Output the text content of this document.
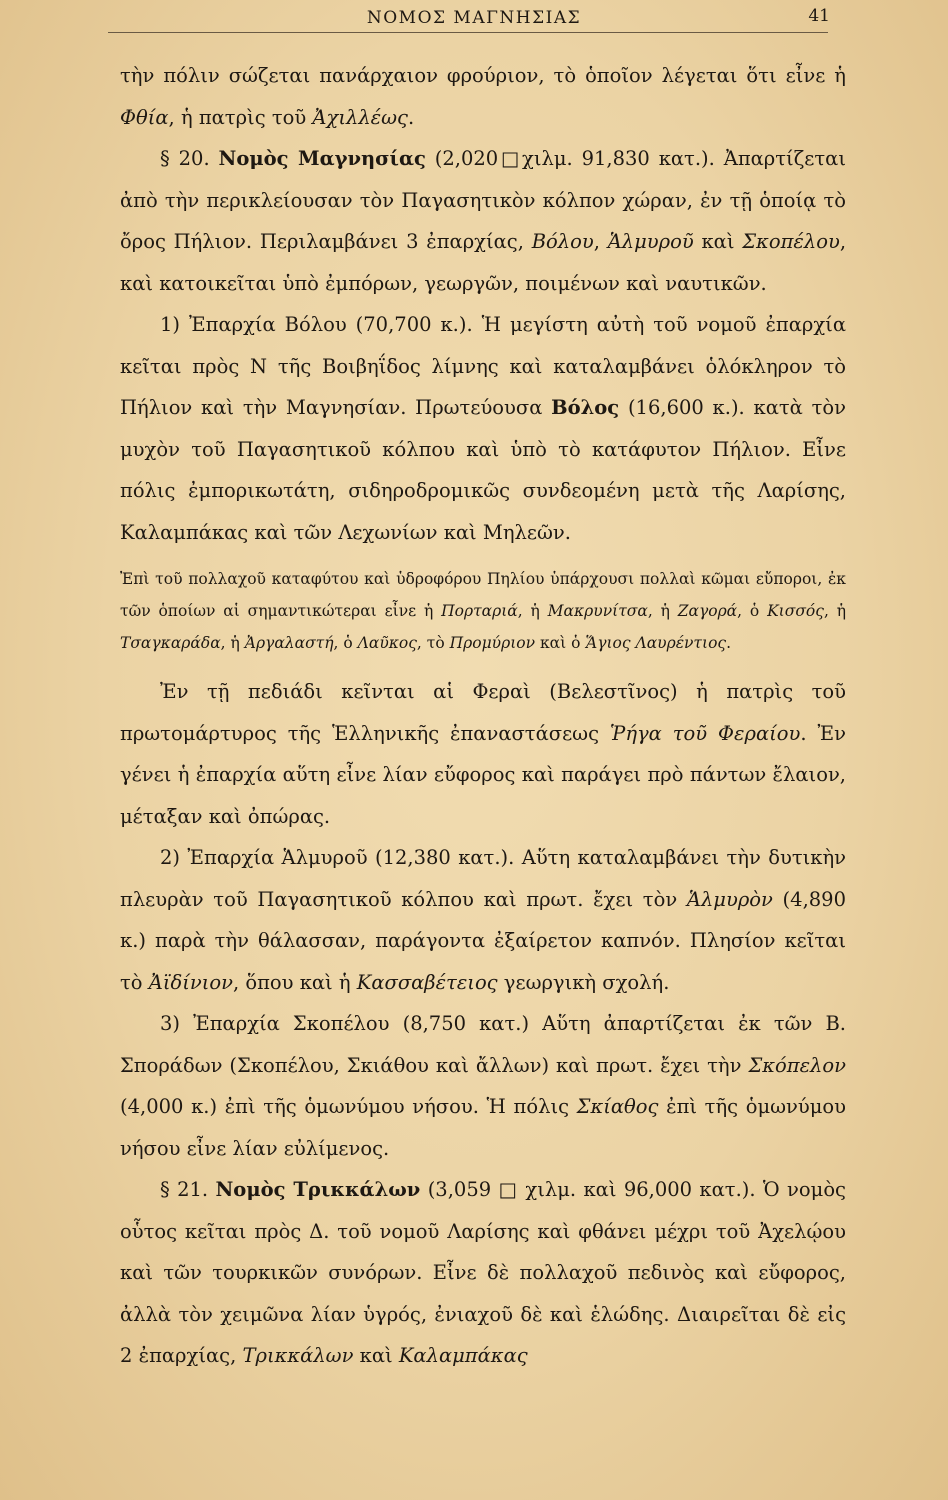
ΝΟΜΟΣ ΜΑΓΝΗΣΙΑΣ	41

τὴν πόλιν σώζεται πανάρχαιον φρούριον, τὸ ὁποῖον λέγεται ὅτι εἶνε ἡ Φθία, ἡ πατρὶς τοῦ Ἀχιλλέως.

§ 20. Νομὸς Μαγνησίας (2,020□χιλμ. 91,830 κατ.). Ἀπαρτίζεται ἀπὸ τὴν περικλείουσαν τὸν Παγασητικὸν κόλπον χώραν, ἐν τῇ ὁποίᾳ τὸ ὄρος Πήλιον. Περιλαμβάνει 3 ἐπαρχίας, Βόλου, Ἁλμυροῦ καὶ Σκοπέλου, καὶ κατοικεῖται ὑπὸ ἐμπόρων, γεωργῶν, ποιμένων καὶ ναυτικῶν.

1) Ἐπαρχία Βόλου (70,700 κ.). Ἡ μεγίστη αὐτὴ τοῦ νομοῦ ἐπαρχία κεῖται πρὸς Ν τῆς Βοιβηΐδος λίμνης καὶ καταλαμβάνει ὁλόκληρον τὸ Πήλιον καὶ τὴν Μαγνησίαν. Πρωτεύουσα Βόλος (16,600 κ.). κατὰ τὸν μυχὸν τοῦ Παγασητικοῦ κόλπου καὶ ὑπὸ τὸ κατάφυτον Πήλιον. Εἶνε πόλις ἐμπορικωτάτη, σιδηροδρομικῶς συνδεομένη μετὰ τῆς Λαρίσης, Καλαμπάκας καὶ τῶν Λεχωνίων καὶ Μηλεῶν.

Ἐπὶ τοῦ πολλαχοῦ καταφύτου καὶ ὑδροφόρου Πηλίου ὑπάρχουσι πολλαὶ κῶμαι εὔποροι, ἐκ τῶν ὁποίων αἱ σημαντικώτεραι εἶνε ἡ Πορταριά, ἡ Μακρυνίτσα, ἡ Ζαγορά, ὁ Κισσός, ἡ Τσαγκαράδα, ἡ Ἀργαλαστή, ὁ Λαῦκος, τὸ Προμύριον καὶ ὁ Ἅγιος Λαυρέντιος.

Ἐν τῇ πεδιάδι κεῖνται αἱ Φεραὶ (Βελεστῖνος) ἡ πατρὶς τοῦ πρωτομάρτυρος τῆς Ἑλληνικῆς ἐπαναστάσεως Ῥήγα τοῦ Φεραίου. Ἐν γένει ἡ ἐπαρχία αὕτη εἶνε λίαν εὔφορος καὶ παράγει πρὸ πάντων ἔλαιον, μέταξαν καὶ ὀπώρας.

2) Ἐπαρχία Ἁλμυροῦ (12,380 κατ.). Αὕτη καταλαμβάνει τὴν δυτικὴν πλευρὰν τοῦ Παγασητικοῦ κόλπου καὶ πρωτ. ἔχει τὸν Ἁλμυρὸν (4,890 κ.) παρὰ τὴν θάλασσαν, παράγοντα ἐξαίρετον καπνόν. Πλησίον κεῖται τὸ Ἀϊδίνιον, ὅπου καὶ ἡ Κασσαβέτειος γεωργικὴ σχολή.

3) Ἐπαρχία Σκοπέλου (8,750 κατ.) Αὕτη ἀπαρτίζεται ἐκ τῶν Β. Σποράδων (Σκοπέλου, Σκιάθου καὶ ἄλλων) καὶ πρωτ. ἔχει τὴν Σκόπελον (4,000 κ.) ἐπὶ τῆς ὁμωνύμου νήσου. Ἡ πόλις Σκίαθος ἐπὶ τῆς ὁμωνύμου νήσου εἶνε λίαν εὐλίμενος.

§ 21. Νομὸς Τρικκάλων (3,059 □ χιλμ. καὶ 96,000 κατ.). Ὁ νομὸς οὗτος κεῖται πρὸς Δ. τοῦ νομοῦ Λαρίσης καὶ φθάνει μέχρι τοῦ Ἀχελῴου καὶ τῶν τουρκικῶν συνόρων. Εἶνε δὲ πολλαχοῦ πεδινὸς καὶ εὔφορος, ἀλλὰ τὸν χειμῶνα λίαν ὑγρός, ἐνιαχοῦ δὲ καὶ ἑλώδης. Διαιρεῖται δὲ εἰς 2 ἐπαρχίας, Τρικκάλων καὶ Καλαμπάκας
